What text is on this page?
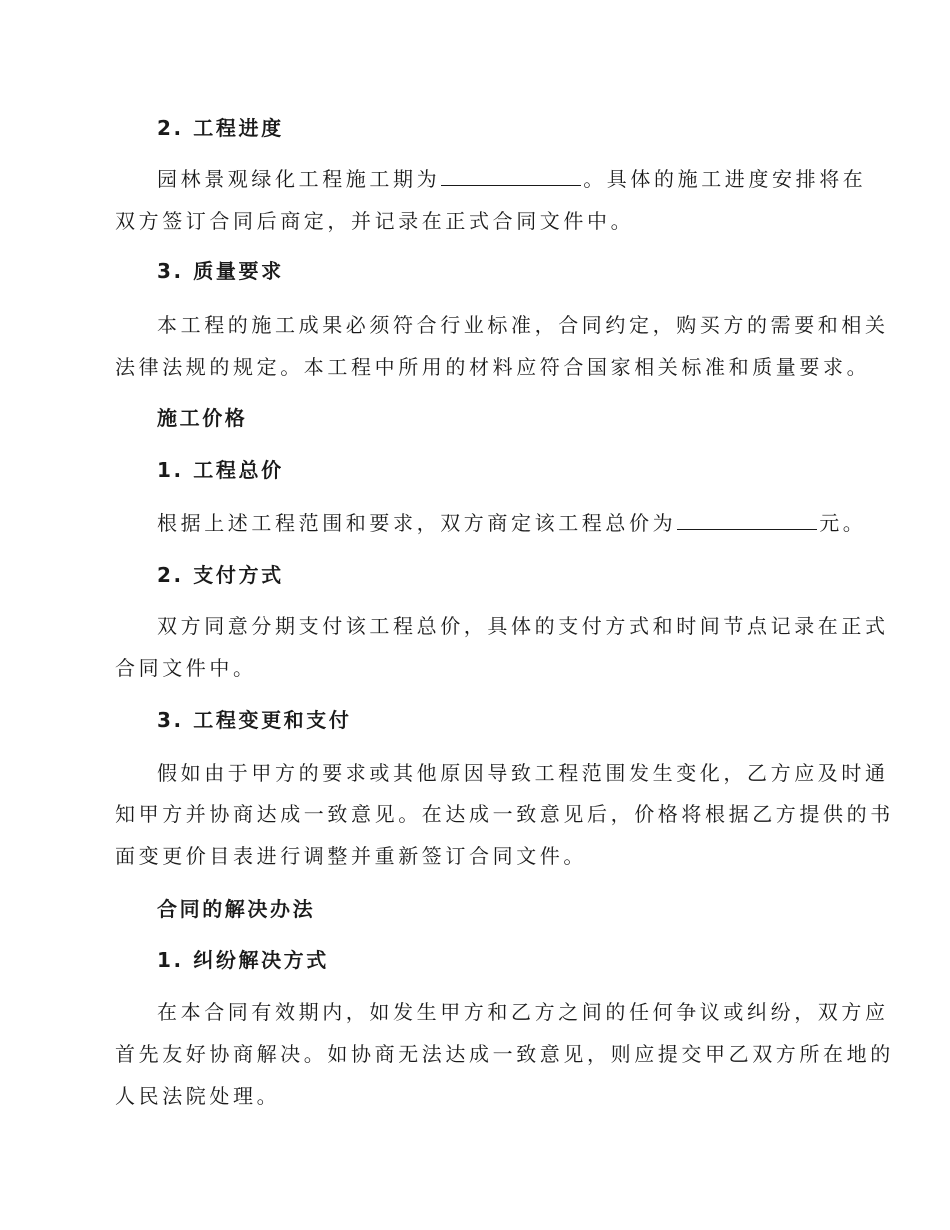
2. 工程进度
园林景观绿化工程施工期为	。具体的施工进度安排将在
双方签订合同后商定，并记录在正式合同文件中。
3. 质量要求
本工程的施工成果必须符合行业标准，合同约定，购买方的需要和相关
法律法规的规定。本工程中所用的材料应符合国家相关标准和质量要求。
施工价格
1. 工程总价
根据上述工程范围和要求，双方商定该工程总价为	元。
2. 支付方式
双方同意分期支付该工程总价，具体的支付方式和时间节点记录在正式
合同文件中。
3. 工程变更和支付
假如由于甲方的要求或其他原因导致工程范围发生变化，乙方应及时通
知甲方并协商达成一致意见。在达成一致意见后，价格将根据乙方提供的书
面变更价目表进行调整并重新签订合同文件。
合同的解决办法
1. 纠纷解决方式
在本合同有效期内，如发生甲方和乙方之间的任何争议或纠纷，双方应
首先友好协商解决。如协商无法达成一致意见，则应提交甲乙双方所在地的
人民法院处理。
